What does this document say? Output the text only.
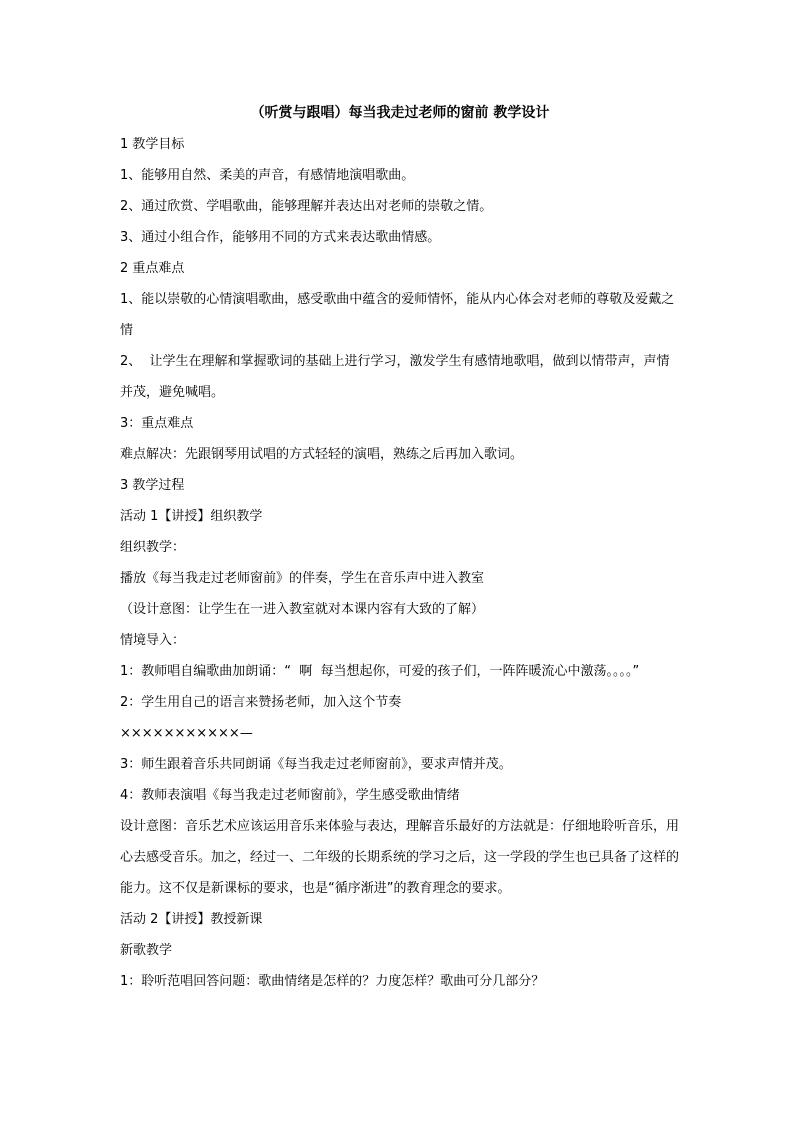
（听赏与跟唱）每当我走过老师的窗前 教学设计
1 教学目标
1、能够用自然、柔美的声音，有感情地演唱歌曲。
2、通过欣赏、学唱歌曲，能够理解并表达出对老师的崇敬之情。
3、通过小组合作，能够用不同的方式来表达歌曲情感。
2 重点难点
1、能以崇敬的心情演唱歌曲，感受歌曲中蕴含的爱师情怀，能从内心体会对老师的尊敬及爱戴之情
2、  让学生在理解和掌握歌词的基础上进行学习，激发学生有感情地歌唱，做到以情带声，声情并茂，避免喊唱。
3：重点难点
难点解决：先跟钢琴用试唱的方式轻轻的演唱，熟练之后再加入歌词。
3 教学过程
活动 1【讲授】组织教学
组织教学：
播放《每当我走过老师窗前》的伴奏，学生在音乐声中进入教室
（设计意图：让学生在一进入教室就对本课内容有大致的了解）
情境导入：
1：教师唱自编歌曲加朗诵：“  啊  每当想起你，可爱的孩子们，一阵阵暖流心中激荡。。。。”
2：学生用自己的语言来赞扬老师，加入这个节奏
×××××××××××—
3：师生跟着音乐共同朗诵《每当我走过老师窗前》，要求声情并茂。
4：教师表演唱《每当我走过老师窗前》，学生感受歌曲情绪
设计意图：音乐艺术应该运用音乐来体验与表达，理解音乐最好的方法就是：仔细地聆听音乐，用心去感受音乐。加之，经过一、二年级的长期系统的学习之后，这一学段的学生也已具备了这样的能力。这不仅是新课标的要求，也是“循序渐进”的教育理念的要求。
活动 2【讲授】教授新课
新歌教学
1：聆听范唱回答问题：歌曲情绪是怎样的？力度怎样？歌曲可分几部分？
